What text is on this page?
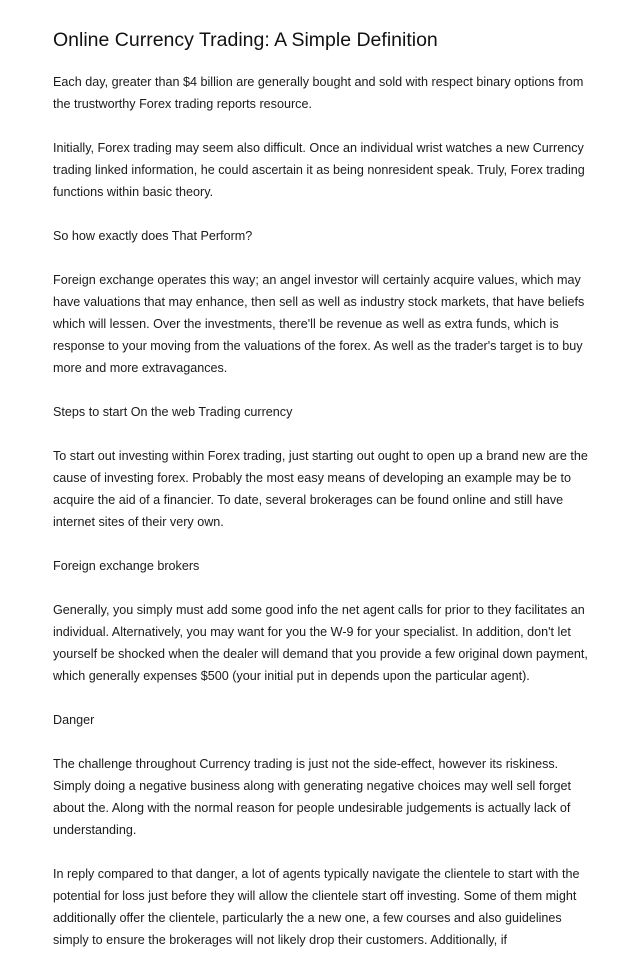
Online Currency Trading: A Simple Definition

Each day, greater than $4 billion are generally bought and sold with respect binary options from the trustworthy Forex trading reports resource.

Initially, Forex trading may seem also difficult. Once an individual wrist watches a new Currency trading linked information, he could ascertain it as being nonresident speak. Truly, Forex trading functions within basic theory.

So how exactly does That Perform?

Foreign exchange operates this way; an angel investor will certainly acquire values, which may have valuations that may enhance, then sell as well as industry stock markets, that have beliefs which will lessen. Over the investments, there'll be revenue as well as extra funds, which is response to your moving from the valuations of the forex. As well as the trader's target is to buy more and more extravagances.

Steps to start On the web Trading currency

To start out investing within Forex trading, just starting out ought to open up a brand new are the cause of investing forex. Probably the most easy means of developing an example may be to acquire the aid of a financier. To date, several brokerages can be found online and still have internet sites of their very own.

Foreign exchange brokers

Generally, you simply must add some good info the net agent calls for prior to they facilitates an individual. Alternatively, you may want for you the W-9 for your specialist. In addition, don't let yourself be shocked when the dealer will demand that you provide a few original down payment, which generally expenses $500 (your initial put in depends upon the particular agent).

Danger

The challenge throughout Currency trading is just not the side-effect, however its riskiness. Simply doing a negative business along with generating negative choices may well sell forget about the. Along with the normal reason for people undesirable judgements is actually lack of understanding.

In reply compared to that danger, a lot of agents typically navigate the clientele to start with the potential for loss just before they will allow the clientele start off investing. Some of them might additionally offer the clientele, particularly the a new one, a few courses and also guidelines simply to ensure the brokerages will not likely drop their customers. Additionally, if
